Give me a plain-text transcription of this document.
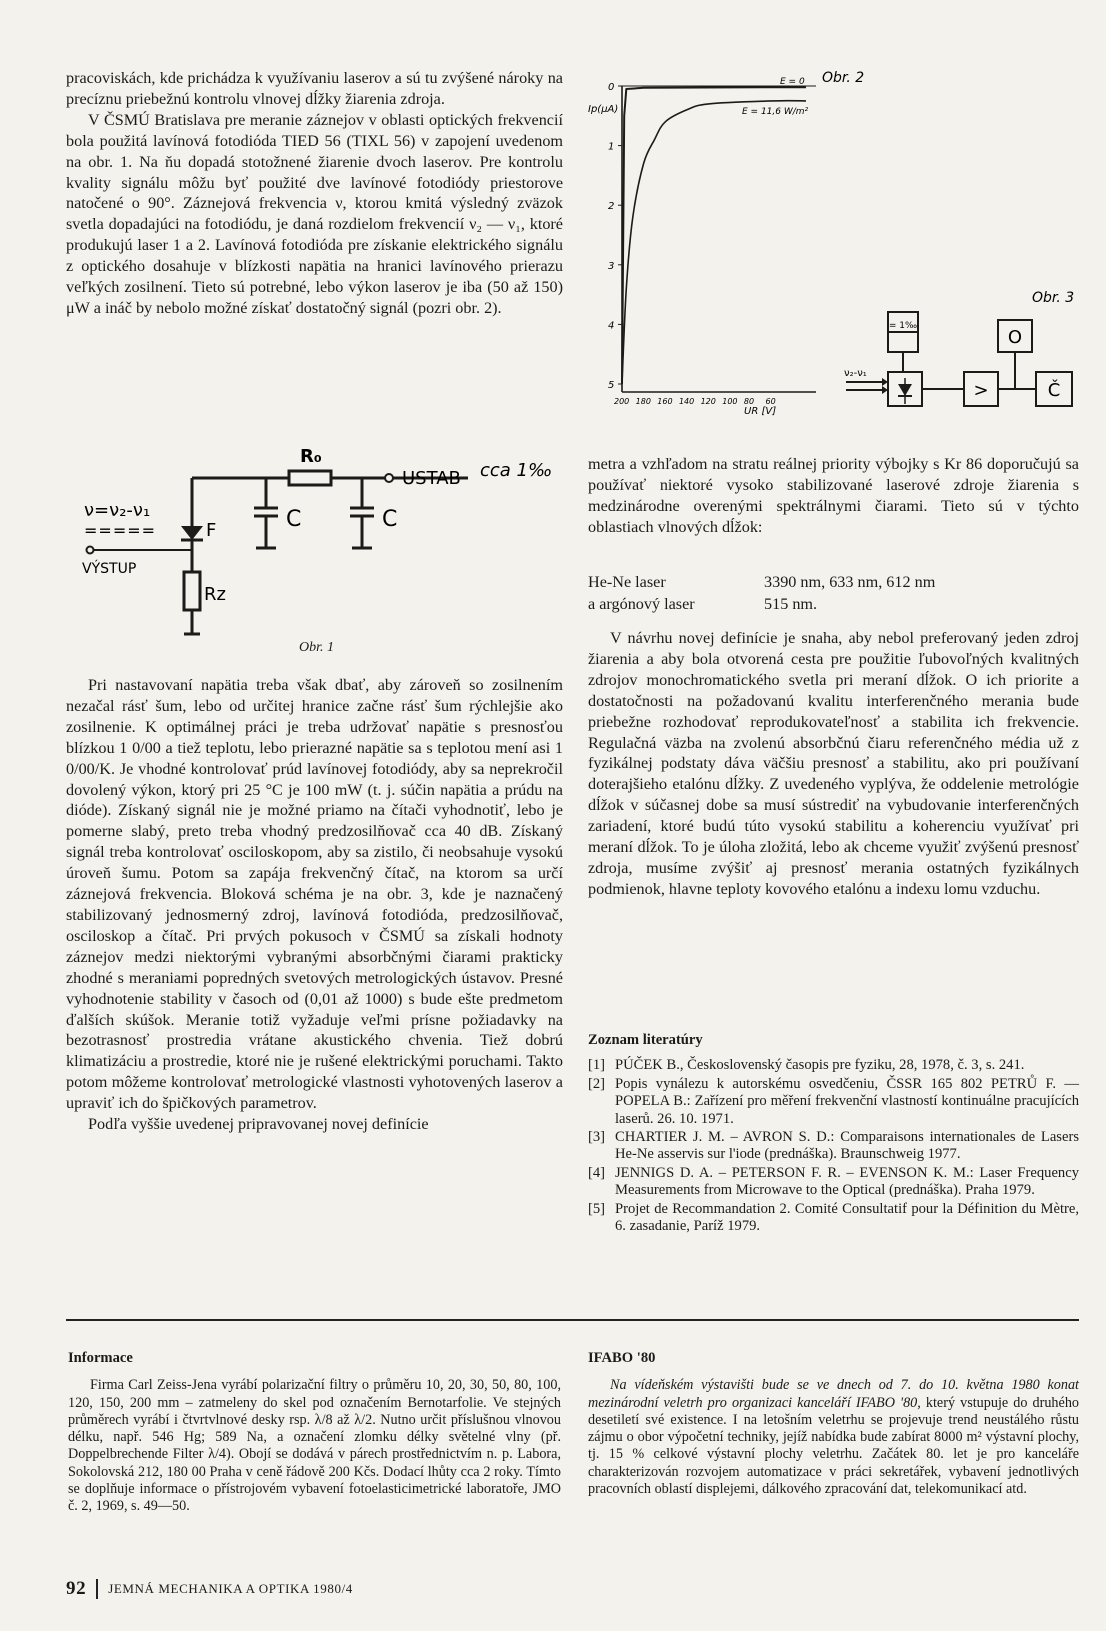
pracoviskách, kde prichádza k využívaniu laserov a sú tu zvýšené nároky na precíznu priebežnú kontrolu vlnovej dĺžky žiarenia zdroja.

V ČSMÚ Bratislava pre meranie záznejov v oblasti optických frekvencií bola použitá lavínová fotodióda TIED 56 (TIXL 56) v zapojení uvedenom na obr. 1. Na ňu dopadá stotožnené žiarenie dvoch laserov. Pre kontrolu kvality signálu môžu byť použité dve lavínové fotodiódy priestorove natočené o 90°. Záznejová frekvencia ν, ktorou kmitá výsledný zväzok svetla dopadajúci na fotodiódu, je daná rozdielom frekvencií ν₂ — ν₁, ktoré produkujú laser 1 a 2. Lavínová fotodióda pre získanie elektrického signálu z optického dosahuje v blízkosti napätia na hranici lavínového prierazu veľkých zosilnení. Tieto sú potrebné, lebo výkon laserov je iba (50 až 150) μW a ináč by nebolo možné získať dostatočný signál (pozri obr. 2).

ν=ν₂-ν₁
=====	F
R₀
USTAB cca 1‰
C	C
Rz
VÝSTUP
Obr. 1

Pri nastavovaní napätia treba však dbať, aby zároveň so zosilnením nezačal rásť šum, lebo od určitej hranice začne rásť šum rýchlejšie ako zosilnenie. K optimálnej práci je treba udržovať napätie s presnosťou blízkou 1 0/00 a tiež teplotu, lebo prierazné napätie sa s teplotou mení asi 1 0/00/K. Je vhodné kontrolovať prúd lavínovej fotodiódy, aby sa neprekročil dovolený výkon, ktorý pri 25 °C je 100 mW (t. j. súčin napätia a prúdu na dióde). Získaný signál nie je možné priamo na čítači vyhodnotiť, lebo je pomerne slabý, preto treba vhodný predzosilňovač cca 40 dB. Získaný signál treba kontrolovať osciloskopom, aby sa zistilo, či neobsahuje vysokú úroveň šumu. Potom sa zapája frekvenčný čítač, na ktorom sa určí záznejová frekvencia. Bloková schéma je na obr. 3, kde je naznačený stabilizovaný jednosmerný zdroj, lavínová fotodióda, predzosilňovač, osciloskop a čítač. Pri prvých pokusoch v ČSMÚ sa získali hodnoty záznejov medzi niektorými vybranými absorbčnými čiarami prakticky zhodné s meraniami popredných svetových metrologických ústavov. Presné vyhodnotenie stability v časoch od (0,01 až 1000) s bude ešte predmetom ďalších skúšok. Meranie totiž vyžaduje veľmi prísne požiadavky na bezotrasnosť prostredia vrátane akustického chvenia. Tiež dobrú klimatizáciu a prostredie, ktoré nie je rušené elektrickými poruchami. Takto potom môžeme kontrolovať metrologické vlastnosti vyhotovených laserov a upraviť ich do špičkových parametrov.

Podľa vyššie uvedenej pripravovanej novej definície

0
1
2
3
4
5
200 180 160 140 120 100 80 60
Ip(μA)
UR [V]
E = 0
E = 11,6 W/m²
Obr. 2
Obr. 3
= 1‰
O
>	Č
ν₂-ν₁

metra a vzhľadom na stratu reálnej priority výbojky s Kr 86 doporučujú sa používať niektoré vysoko stabilizované laserové zdroje žiarenia s medzinárodne overenými spektrálnymi čiarami. Tieto sú v týchto oblastiach vlnových dĺžok:

He-Ne laser	3390 nm, 633 nm, 612 nm
a argónový laser	515 nm.

V návrhu novej definície je snaha, aby nebol preferovaný jeden zdroj žiarenia a aby bola otvorená cesta pre použitie ľubovoľných kvalitných zdrojov monochromatického svetla pri meraní dĺžok. O ich priorite a dostatočnosti na požadovanú kvalitu interferenčného merania bude priebežne rozhodovať reprodukovateľnosť a stabilita ich frekvencie. Regulačná väzba na zvolenú absorbčnú čiaru referenčného média už z fyzikálnej podstaty dáva väčšiu presnosť a stabilitu, ako pri používaní doterajšieho etalónu dĺžky. Z uvedeného vyplýva, že oddelenie metrológie dĺžok v súčasnej dobe sa musí sústrediť na vybudovanie interferenčných zariadení, ktoré budú túto vysokú stabilitu a koherenciu využívať pri meraní dĺžok. To je úloha zložitá, lebo ak chceme využiť zvýšenú presnosť zdroja, musíme zvýšiť aj presnosť merania ostatných fyzikálnych podmienok, hlavne teploty kovového etalónu a indexu lomu vzduchu.

Zoznam literatúry
[1] PÚČEK B., Československý časopis pre fyziku, 28, 1978, č. 3, s. 241.
[2] Popis vynálezu k autorskému osvedčeniu, ČSSR 165 802 PETRŮ F. — POPELA B.: Zařízení pro měření frekvenční vlastností kontinuálne pracujících laserů. 26. 10. 1971.
[3] CHARTIER J. M. – AVRON S. D.: Comparaisons internationales de Lasers He-Ne asservis sur l'iode (prednáška). Braunschweig 1977.
[4] JENNIGS D. A. – PETERSON F. R. – EVENSON K. M.: Laser Frequency Measurements from Microwave to the Optical (prednáška). Praha 1979.
[5] Projet de Recommandation 2. Comité Consultatif pour la Définition du Mètre, 6. zasadanie, Paríž 1979.
Informace

Firma Carl Zeiss-Jena vyrábí polarizační filtry o průměru 10, 20, 30, 50, 80, 100, 120, 150, 200 mm – zatmeleny do skel pod označením Bernotarfolie. Ve stejných průměrech vyrábí i čtvrtvlnové desky rsp. λ/8 až λ/2. Nutno určit příslušnou vlnovou délku, např. 546 Hg; 589 Na, a označení zlomku délky světelné vlny (př. Doppelbrechende Filter λ/4). Obojí se dodává v párech prostřednictvím n. p. Labora, Sokolovská 212, 180 00 Praha v ceně řádově 200 Kčs. Dodací lhůty cca 2 roky. Tímto se doplňuje informace o přístrojovém vybavení fotoelasticimetrické laboratoře, JMO č. 2, 1969, s. 49—50.

IFABO '80

Na vídeňském výstavišti bude se ve dnech od 7. do 10. května 1980 konat mezinárodní veletrh pro organizaci kanceláří IFABO '80, který vstupuje do druhého desetiletí své existence. I na letošním veletrhu se projevuje trend neustálého růstu zájmu o obor výpočetní techniky, jejíž nabídka bude zabírat 8000 m² výstavní plochy, tj. 15 % celkové výstavní plochy veletrhu. Začátek 80. let je pro kanceláře charakterizován rozvojem automatizace v práci sekretářek, vybavení jednotlivých pracovních oblastí displejemi, dálkového zpracování dat, telekomunikací atd.

92 JEMNÁ MECHANIKA A OPTIKA 1980/4
